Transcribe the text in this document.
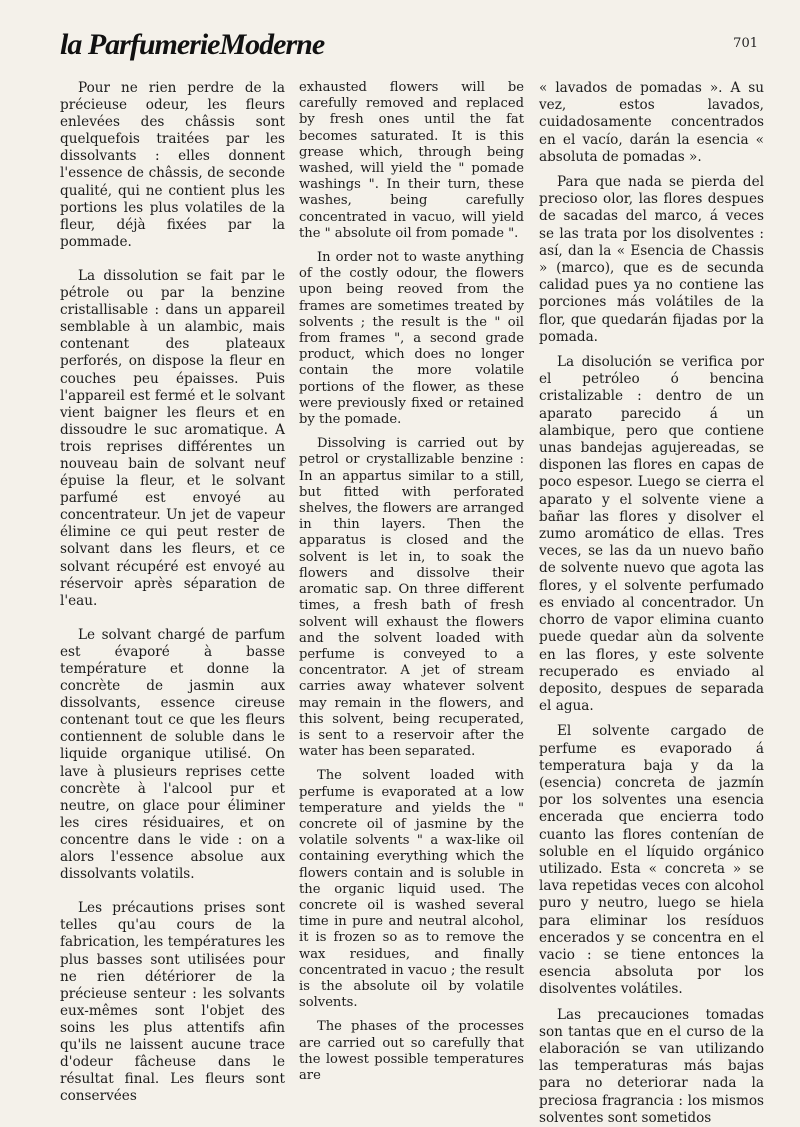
la ParfumerieModerne	701

Pour ne rien perdre de la précieuse odeur, les fleurs enlevées des châssis sont quelquefois traitées par les dissolvants : elles donnent l'essence de châssis, de seconde qualité, qui ne contient plus les portions les plus volatiles de la fleur, déjà fixées par la pommade.

La dissolution se fait par le pétrole ou par la benzine cristallisable : dans un appareil semblable à un alambic, mais contenant des plateaux perforés, on dispose la fleur en couches peu épaisses. Puis l'appareil est fermé et le solvant vient baigner les fleurs et en dissoudre le suc aromatique. A trois reprises différentes un nouveau bain de solvant neuf épuise la fleur, et le solvant parfumé est envoyé au concentrateur. Un jet de vapeur élimine ce qui peut rester de solvant dans les fleurs, et ce solvant récupéré est envoyé au réservoir après séparation de l'eau.

Le solvant chargé de parfum est évaporé à basse température et donne la concrète de jasmin aux dissolvants, essence cireuse contenant tout ce que les fleurs contiennent de soluble dans le liquide organique utilisé. On lave à plusieurs reprises cette concrète à l'alcool pur et neutre, on glace pour éliminer les cires résiduaires, et on concentre dans le vide : on a alors l'essence absolue aux dissolvants volatils.

Les précautions prises sont telles qu'au cours de la fabrication, les températures les plus basses sont utilisées pour ne rien détériorer de la précieuse senteur : les solvants eux-mêmes sont l'objet des soins les plus attentifs afin qu'ils ne laissent aucune trace d'odeur fâcheuse dans le résultat final. Les fleurs sont conservées

exhausted flowers will be carefully removed and replaced by fresh ones until the fat becomes saturated. It is this grease which, through being washed, will yield the " pomade washings ". In their turn, these washes, being carefully concentrated in vacuo, will yield the " absolute oil from pomade ".

In order not to waste anything of the costly odour, the flowers upon being reoved from the frames are sometimes treated by solvents ; the result is the " oil from frames ", a second grade product, which does no longer contain the more volatile portions of the flower, as these were previously fixed or retained by the pomade.

Dissolving is carried out by petrol or crystallizable benzine : In an appartus similar to a still, but fitted with perforated shelves, the flowers are arranged in thin layers. Then the apparatus is closed and the solvent is let in, to soak the flowers and dissolve their aromatic sap. On three different times, a fresh bath of fresh solvent will exhaust the flowers and the solvent loaded with perfume is conveyed to a concentrator. A jet of stream carries away whatever solvent may remain in the flowers, and this solvent, being recuperated, is sent to a reservoir after the water has been separated.

The solvent loaded with perfume is evaporated at a low temperature and yields the " concrete oil of jasmine by the volatile solvents " a wax-like oil containing everything which the flowers contain and is soluble in the organic liquid used. The concrete oil is washed several time in pure and neutral alcohol, it is frozen so as to remove the wax residues, and finally concentrated in vacuo ; the result is the absolute oil by volatile solvents.

The phases of the processes are carried out so carefully that the lowest possible temperatures are

« lavados de pomadas ». A su vez, estos lavados, cuidadosamente concentrados en el vacío, darán la esencia « absoluta de pomadas ».

Para que nada se pierda del precioso olor, las flores despues de sacadas del marco, á veces se las trata por los disolventes : así, dan la « Esencia de Chassis » (marco), que es de secunda calidad pues ya no contiene las porciones más volátiles de la flor, que quedarán fijadas por la pomada.

La disolución se verifica por el petróleo ó bencina cristalizable : dentro de un aparato parecido á un alambique, pero que contiene unas bandejas agujereadas, se disponen las flores en capas de poco espesor. Luego se cierra el aparato y el solvente viene a bañar las flores y disolver el zumo aromático de ellas. Tres veces, se las da un nuevo baño de solvente nuevo que agota las flores, y el solvente perfumado es enviado al concentrador. Un chorro de vapor elimina cuanto puede quedar aùn da solvente en las flores, y este solvente recuperado es enviado al deposito, despues de separada el agua.

El solvente cargado de perfume es evaporado á temperatura baja y da la (esencia) concreta de jazmín por los solventes una esencia encerada que encierra todo cuanto las flores contenían de soluble en el líquido orgánico utilizado. Esta « concreta » se lava repetidas veces con alcohol puro y neutro, luego se hiela para eliminar los resíduos encerados y se concentra en el vacio : se tiene entonces la esencia absoluta por los disolventes volátiles.

Las precauciones tomadas son tantas que en el curso de la elaboración se van utilizando las temperaturas más bajas para no deteriorar nada la preciosa fragrancia : los mismos solventes sont sometidos
